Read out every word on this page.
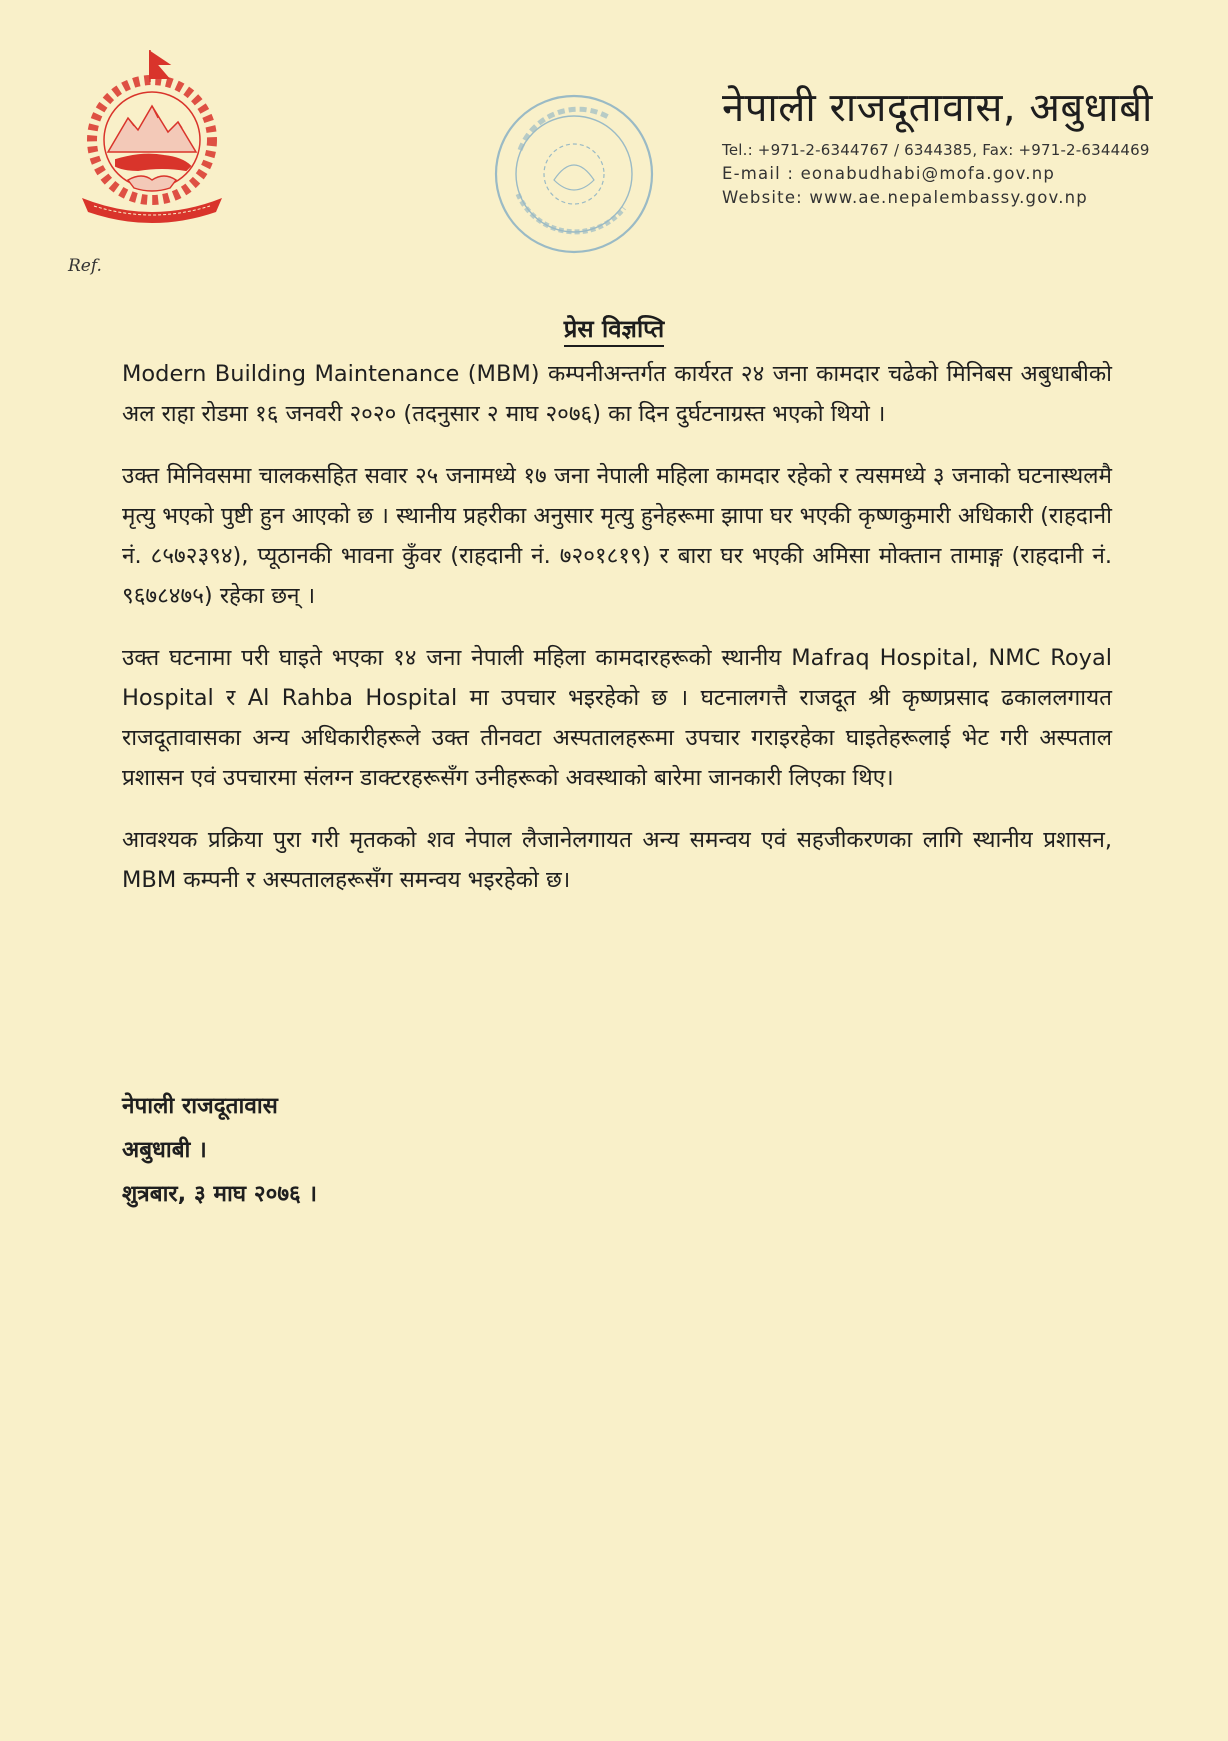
नेपाली राजदूतावास, अबुधाबी
Tel.: +971-2-6344767 / 6344385, Fax: +971-2-6344469
E-mail : eonabudhabi@mofa.gov.np
Website: www.ae.nepalembassy.gov.np
Ref.
प्रेस विज्ञप्ति

Modern Building Maintenance (MBM) कम्पनीअन्तर्गत कार्यरत २४ जना कामदार चढेको मिनिबस अबुधाबीको अल राहा रोडमा १६ जनवरी २०२० (तदनुसार २ माघ २०७६) का दिन दुर्घटनाग्रस्त भएको थियो ।

उक्त मिनिवसमा चालकसहित सवार २५ जनामध्ये १७ जना नेपाली महिला कामदार रहेको र त्यसमध्ये ३ जनाको घटनास्थलमै मृत्यु भएको पुष्टी हुन आएको छ । स्थानीय प्रहरीका अनुसार मृत्यु हुनेहरूमा झापा घर भएकी कृष्णकुमारी अधिकारी (राहदानी नं. ८५७२३९४), प्यूठानकी भावना कुँवर (राहदानी नं. ७२०१८१९) र बारा घर भएकी अमिसा मोक्तान तामाङ्ग (राहदानी नं. ९६७८४७५) रहेका छन् ।

उक्त घटनामा परी घाइते भएका १४ जना नेपाली महिला कामदारहरूको स्थानीय Mafraq Hospital, NMC Royal Hospital र Al Rahba Hospital मा उपचार भइरहेको छ । घटनालगत्तै राजदूत श्री कृष्णप्रसाद ढकाललगायत राजदूतावासका अन्य अधिकारीहरूले उक्त तीनवटा अस्पतालहरूमा उपचार गराइरहेका घाइतेहरूलाई भेट गरी अस्पताल प्रशासन एवं उपचारमा संलग्न डाक्टरहरूसँग उनीहरूको अवस्थाको बारेमा जानकारी लिएका थिए।

आवश्यक प्रक्रिया पुरा गरी मृतकको शव नेपाल लैजानेलगायत अन्य समन्वय एवं सहजीकरणका लागि स्थानीय प्रशासन, MBM कम्पनी र अस्पतालहरूसँग समन्वय भइरहेको छ।

नेपाली राजदूतावास
अबुधाबी ।
शुत्रबार, ३ माघ २०७६ ।
